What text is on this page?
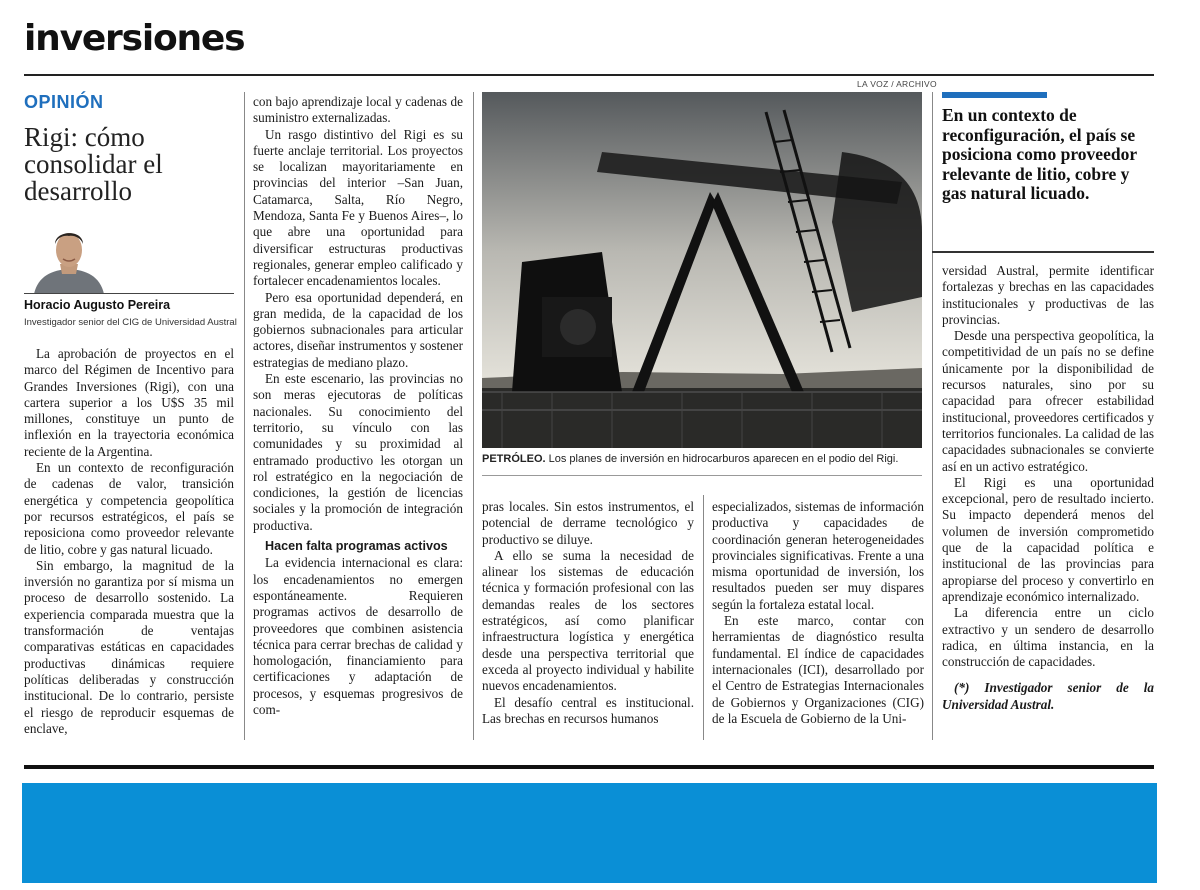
inversiones
OPINIÓN
Rigi: cómo consolidar el desarrollo
Horacio Augusto Pereira
Investigador senior del CIG de Universidad Austral

La aprobación de proyectos en el marco del Régimen de Incentivo para Grandes Inversiones (Rigi), con una cartera superior a los U$S 35 mil millones, constituye un punto de inflexión en la trayectoria económica reciente de la Argentina.

En un contexto de reconfiguración de cadenas de valor, transición energética y competencia geopolítica por recursos estratégicos, el país se reposiciona como proveedor relevante de litio, cobre y gas natural licuado.

Sin embargo, la magnitud de la inversión no garantiza por sí misma un proceso de desarrollo sostenido. La experiencia comparada muestra que la transformación de ventajas comparativas estáticas en capacidades productivas dinámicas requiere políticas deliberadas y construcción institucional. De lo contrario, persiste el riesgo de reproducir esquemas de enclave,

con bajo aprendizaje local y cadenas de suministro externalizadas.

Un rasgo distintivo del Rigi es su fuerte anclaje territorial. Los proyectos se localizan mayoritariamente en provincias del interior –San Juan, Catamarca, Salta, Río Negro, Mendoza, Santa Fe y Buenos Aires–, lo que abre una oportunidad para diversificar estructuras productivas regionales, generar empleo calificado y fortalecer encadenamientos locales.

Pero esa oportunidad dependerá, en gran medida, de la capacidad de los gobiernos subnacionales para articular actores, diseñar instrumentos y sostener estrategias de mediano plazo.

En este escenario, las provincias no son meras ejecutoras de políticas nacionales. Su conocimiento del territorio, su vínculo con las comunidades y su proximidad al entramado productivo les otorgan un rol estratégico en la negociación de condiciones, la gestión de licencias sociales y la promoción de integración productiva.

Hacen falta programas activos

La evidencia internacional es clara: los encadenamientos no emergen espontáneamente. Requieren programas activos de desarrollo de proveedores que combinen asistencia técnica para cerrar brechas de calidad y homologación, financiamiento para certificaciones y adaptación de procesos, y esquemas progresivos de com-

LA VOZ / ARCHIVO
PETRÓLEO. Los planes de inversión en hidrocarburos aparecen en el podio del Rigi.

pras locales. Sin estos instrumentos, el potencial de derrame tecnológico y productivo se diluye.

A ello se suma la necesidad de alinear los sistemas de educación técnica y formación profesional con las demandas reales de los sectores estratégicos, así como planificar infraestructura logística y energética desde una perspectiva territorial que exceda al proyecto individual y habilite nuevos encadenamientos.

El desafío central es institucional. Las brechas en recursos humanos

especializados, sistemas de información productiva y capacidades de coordinación generan heterogeneidades provinciales significativas. Frente a una misma oportunidad de inversión, los resultados pueden ser muy dispares según la fortaleza estatal local.

En este marco, contar con herramientas de diagnóstico resulta fundamental. El índice de capacidades internacionales (ICI), desarrollado por el Centro de Estrategias Internacionales de Gobiernos y Organizaciones (CIG) de la Escuela de Gobierno de la Uni-

En un contexto de reconfiguración, el país se posiciona como proveedor relevante de litio, cobre y gas natural licuado.

versidad Austral, permite identificar fortalezas y brechas en las capacidades institucionales y productivas de las provincias.

Desde una perspectiva geopolítica, la competitividad de un país no se define únicamente por la disponibilidad de recursos naturales, sino por su capacidad para ofrecer estabilidad institucional, proveedores certificados y territorios funcionales. La calidad de las capacidades subnacionales se convierte así en un activo estratégico.

El Rigi es una oportunidad excepcional, pero de resultado incierto. Su impacto dependerá menos del volumen de inversión comprometido que de la capacidad política e institucional de las provincias para apropiarse del proceso y convertirlo en aprendizaje económico internalizado.

La diferencia entre un ciclo extractivo y un sendero de desarrollo radica, en última instancia, en la construcción de capacidades.

(*) Investigador senior de la Universidad Austral.
